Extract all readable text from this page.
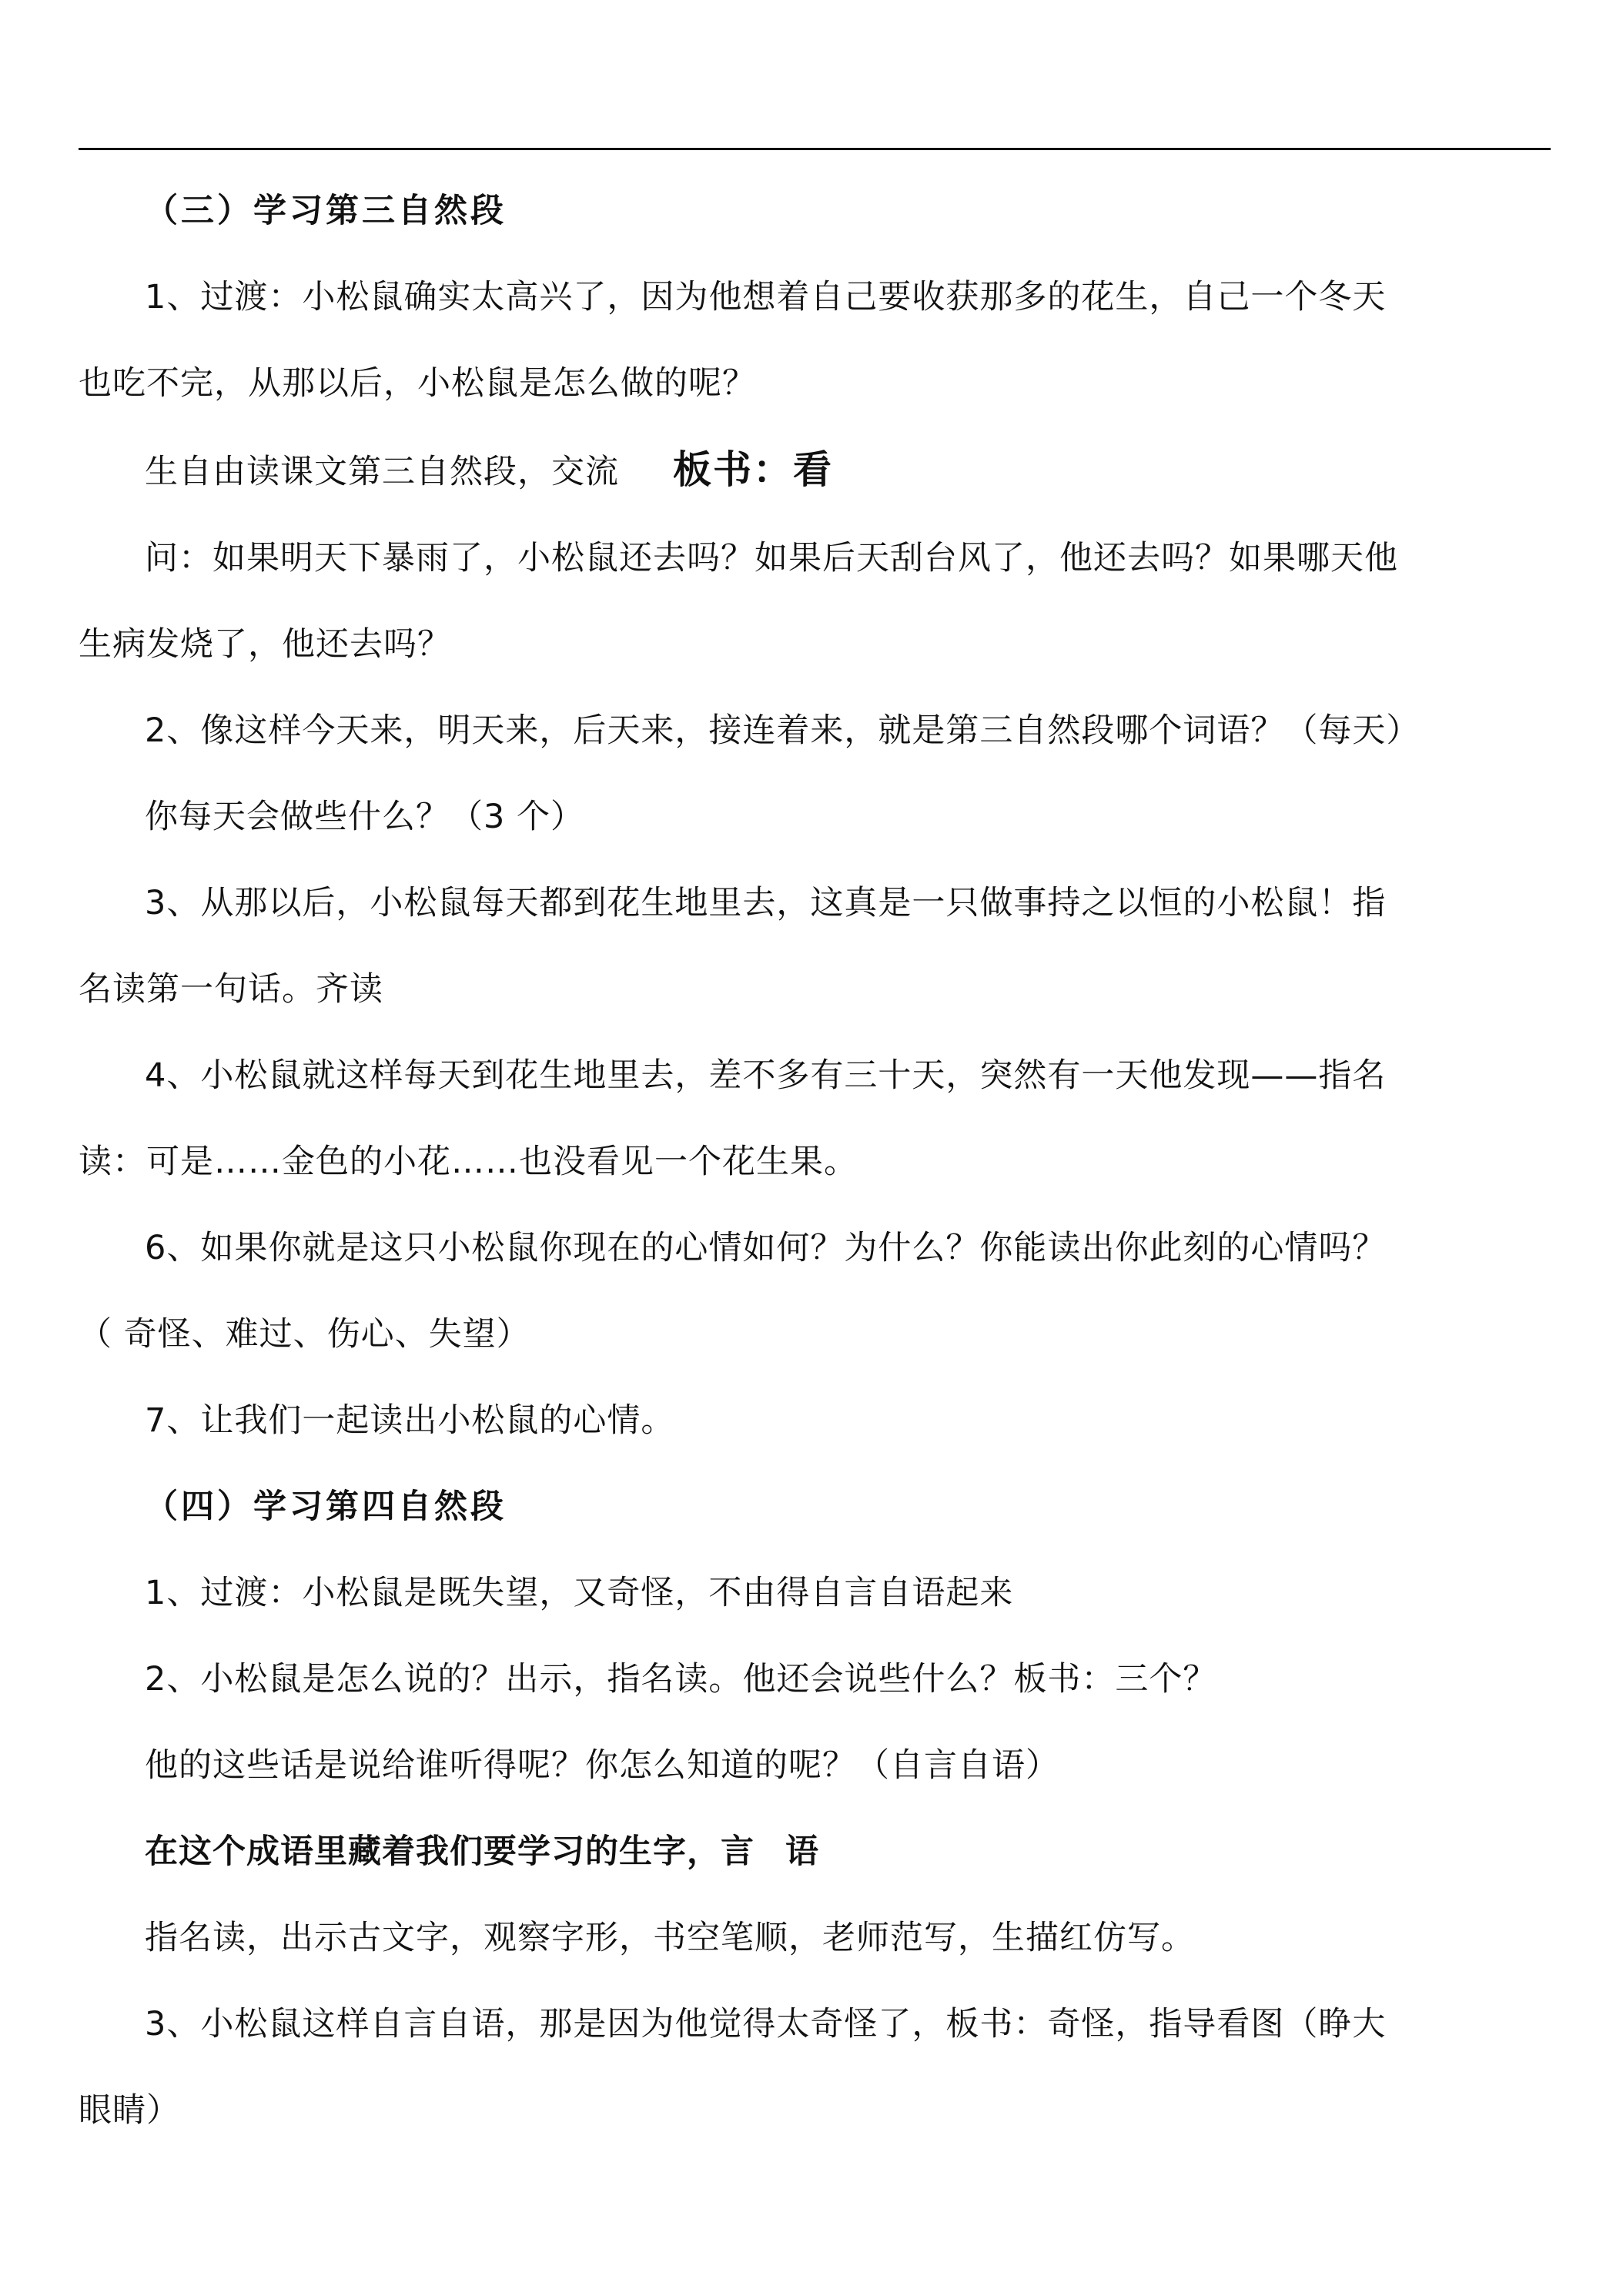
（三）学习第三自然段

1、过渡：小松鼠确实太高兴了，因为他想着自己要收获那多的花生，自己一个冬天

也吃不完，从那以后，小松鼠是怎么做的呢？

生自由读课文第三自然段，交流 板书：看

问：如果明天下暴雨了，小松鼠还去吗？如果后天刮台风了，他还去吗？如果哪天他

生病发烧了，他还去吗？

2、像这样今天来，明天来，后天来，接连着来，就是第三自然段哪个词语？（每天）

你每天会做些什么？（3 个）

3、从那以后，小松鼠每天都到花生地里去，这真是一只做事持之以恒的小松鼠！指

名读第一句话。齐读

4、小松鼠就这样每天到花生地里去，差不多有三十天，突然有一天他发现——指名

读：可是……金色的小花……也没看见一个花生果。

6、如果你就是这只小松鼠你现在的心情如何？为什么？你能读出你此刻的心情吗？

（ 奇怪、难过、伤心、失望）

7、让我们一起读出小松鼠的心情。

（四）学习第四自然段

1、过渡：小松鼠是既失望，又奇怪，不由得自言自语起来

2、小松鼠是怎么说的？出示，指名读。他还会说些什么？板书：三个？

他的这些话是说给谁听得呢？你怎么知道的呢？（自言自语）

在这个成语里藏着我们要学习的生字，言 语

指名读，出示古文字，观察字形，书空笔顺，老师范写，生描红仿写。

3、小松鼠这样自言自语，那是因为他觉得太奇怪了，板书：奇怪，指导看图（睁大

眼睛）
